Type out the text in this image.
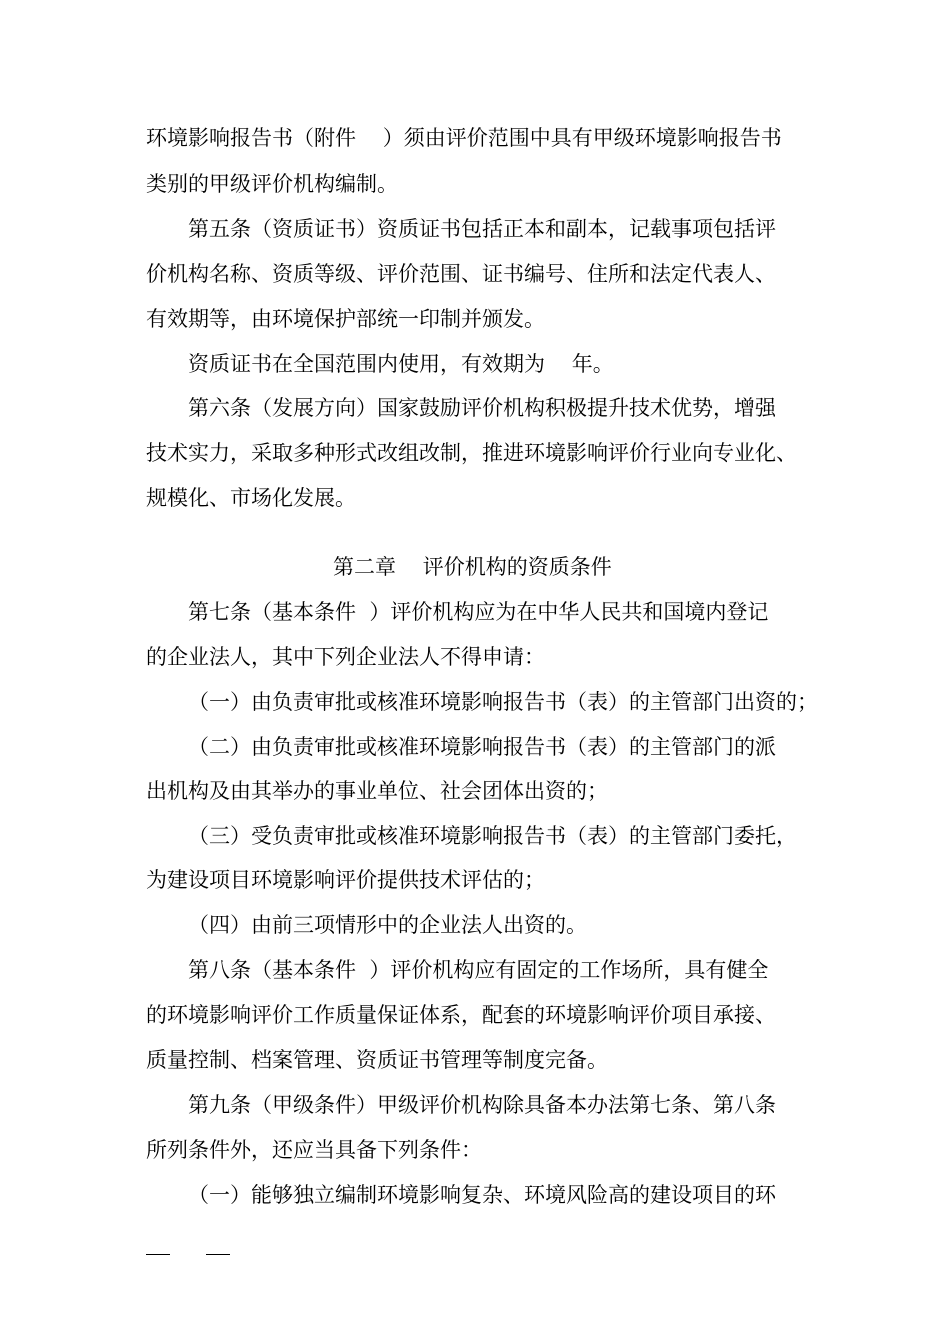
环境影响报告书（附件    ）须由评价范围中具有甲级环境影响报告书
类别的甲级评价机构编制。
第五条（资质证书）资质证书包括正本和副本，记载事项包括评
价机构名称、资质等级、评价范围、证书编号、住所和法定代表人、
有效期等，由环境保护部统一印制并颁发。
资质证书在全国范围内使用，有效期为    年。
第六条（发展方向）国家鼓励评价机构积极提升技术优势，增强
技术实力，采取多种形式改组改制，推进环境影响评价行业向专业化、
规模化、市场化发展。
第二章    评价机构的资质条件
第七条（基本条件  ）评价机构应为在中华人民共和国境内登记
的企业法人，其中下列企业法人不得申请：
（一）由负责审批或核准环境影响报告书（表）的主管部门出资的；
（二）由负责审批或核准环境影响报告书（表）的主管部门的派
出机构及由其举办的事业单位、社会团体出资的；
（三）受负责审批或核准环境影响报告书（表）的主管部门委托，
为建设项目环境影响评价提供技术评估的；
（四）由前三项情形中的企业法人出资的。
第八条（基本条件  ）评价机构应有固定的工作场所，具有健全
的环境影响评价工作质量保证体系，配套的环境影响评价项目承接、
质量控制、档案管理、资质证书管理等制度完备。
第九条（甲级条件）甲级评价机构除具备本办法第七条、第八条
所列条件外，还应当具备下列条件：
（一）能够独立编制环境影响复杂、环境风险高的建设项目的环
